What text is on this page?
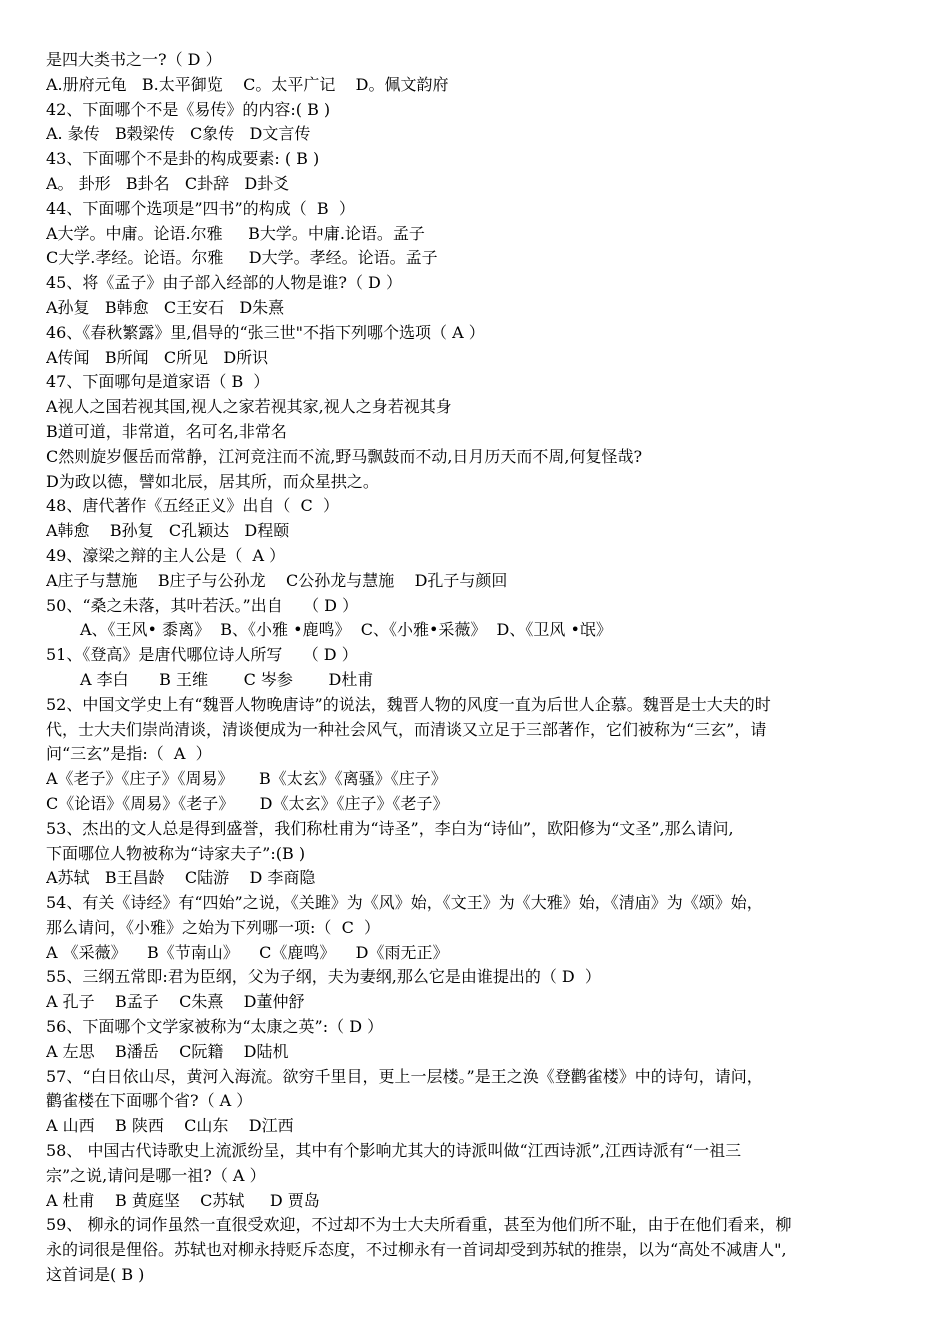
是四大类书之一?（ D ）
A.册府元龟   B.太平御览    C。太平广记    D。佩文韵府
42、下面哪个不是《易传》的内容:( B )
A. 彖传   B榖梁传   C象传   D文言传
43、下面哪个不是卦的构成要素: ( B )
A。 卦形   B卦名   C卦辞   D卦爻
44、下面哪个选项是”四书”的构成（  B  ）
A大学。中庸。论语.尔雅     B大学。中庸.论语。孟子
C大学.孝经。论语。尔雅     D大学。孝经。论语。孟子
45、将《孟子》由子部入经部的人物是谁?（ D ）
A孙复   B韩愈   C王安石   D朱熹
46、《春秋繁露》里,倡导的“张三世"不指下列哪个选项（ A ）
A传闻   B所闻   C所见   D所识
47、下面哪句是道家语（ B  ）
A视人之国若视其国,视人之家若视其家,视人之身若视其身
B道可道，非常道，名可名,非常名
C然则旋岁偃岳而常静，江河竞注而不流,野马飘鼓而不动,日月历天而不周,何复怪哉?
D为政以德，譬如北辰，居其所，而众星拱之。
48、唐代著作《五经正义》出自（  C  ）
A韩愈    B孙复   C孔颖达   D程颐
49、濠梁之辩的主人公是（  A ）
A庄子与慧施    B庄子与公孙龙    C公孙龙与慧施    D孔子与颜回
50、“桑之未落，其叶若沃。”出自    （ D ）
A、《王风• 黍离》  B、《小雅 •鹿鸣》  C、《小雅•采薇》  D、《卫风 •氓》
51、《登高》是唐代哪位诗人所写    （ D ）
A 李白      B 王维       C 岑参       D杜甫
52、中国文学史上有“魏晋人物晚唐诗”的说法，魏晋人物的风度一直为后世人企慕。魏晋是士大夫的时
代，士大夫们崇尚清谈，清谈便成为一种社会风气，而清谈又立足于三部著作，它们被称为“三玄”，请
问“三玄”是指:（  A  ）
A《老子》《庄子》《周易》     B《太玄》《离骚》《庄子》
C《论语》《周易》《老子》     D《太玄》《庄子》《老子》
53、杰出的文人总是得到盛誉，我们称杜甫为“诗圣”，李白为“诗仙”，欧阳修为“文圣”,那么请问,
下面哪位人物被称为“诗家夫子”:(B )
A苏轼   B王昌龄    C陆游    D 李商隐
54、有关《诗经》有“四始”之说，《关雎》为《风》始，《文王》为《大雅》始，《清庙》为《颂》始，
那么请问，《小雅》之始为下列哪一项:（  C  ）
A 《采薇》    B《节南山》    C《鹿鸣》    D《雨无正》
55、三纲五常即:君为臣纲，父为子纲，夫为妻纲,那么它是由谁提出的（ D  ）
A 孔子    B孟子    C朱熹    D董仲舒
56、下面哪个文学家被称为“太康之英”:（ D ）
A 左思    B潘岳    C阮籍    D陆机
57、“白日依山尽，黄河入海流。欲穷千里目，更上一层楼。”是王之涣《登鹳雀楼》中的诗句，请问，
鹳雀楼在下面哪个省?（ A ）
A 山西    B 陕西    C山东    D江西
58、 中国古代诗歌史上流派纷呈，其中有个影响尤其大的诗派叫做“江西诗派”,江西诗派有“一祖三
宗”之说,请问是哪一祖?（ A ）
A 杜甫    B 黄庭坚    C苏轼     D 贾岛
59、 柳永的词作虽然一直很受欢迎，不过却不为士大夫所看重，甚至为他们所不耻，由于在他们看来，柳
永的词很是俚俗。苏轼也对柳永持贬斥态度，不过柳永有一首词却受到苏轼的推崇，以为“高处不减唐人",
这首词是( B )
